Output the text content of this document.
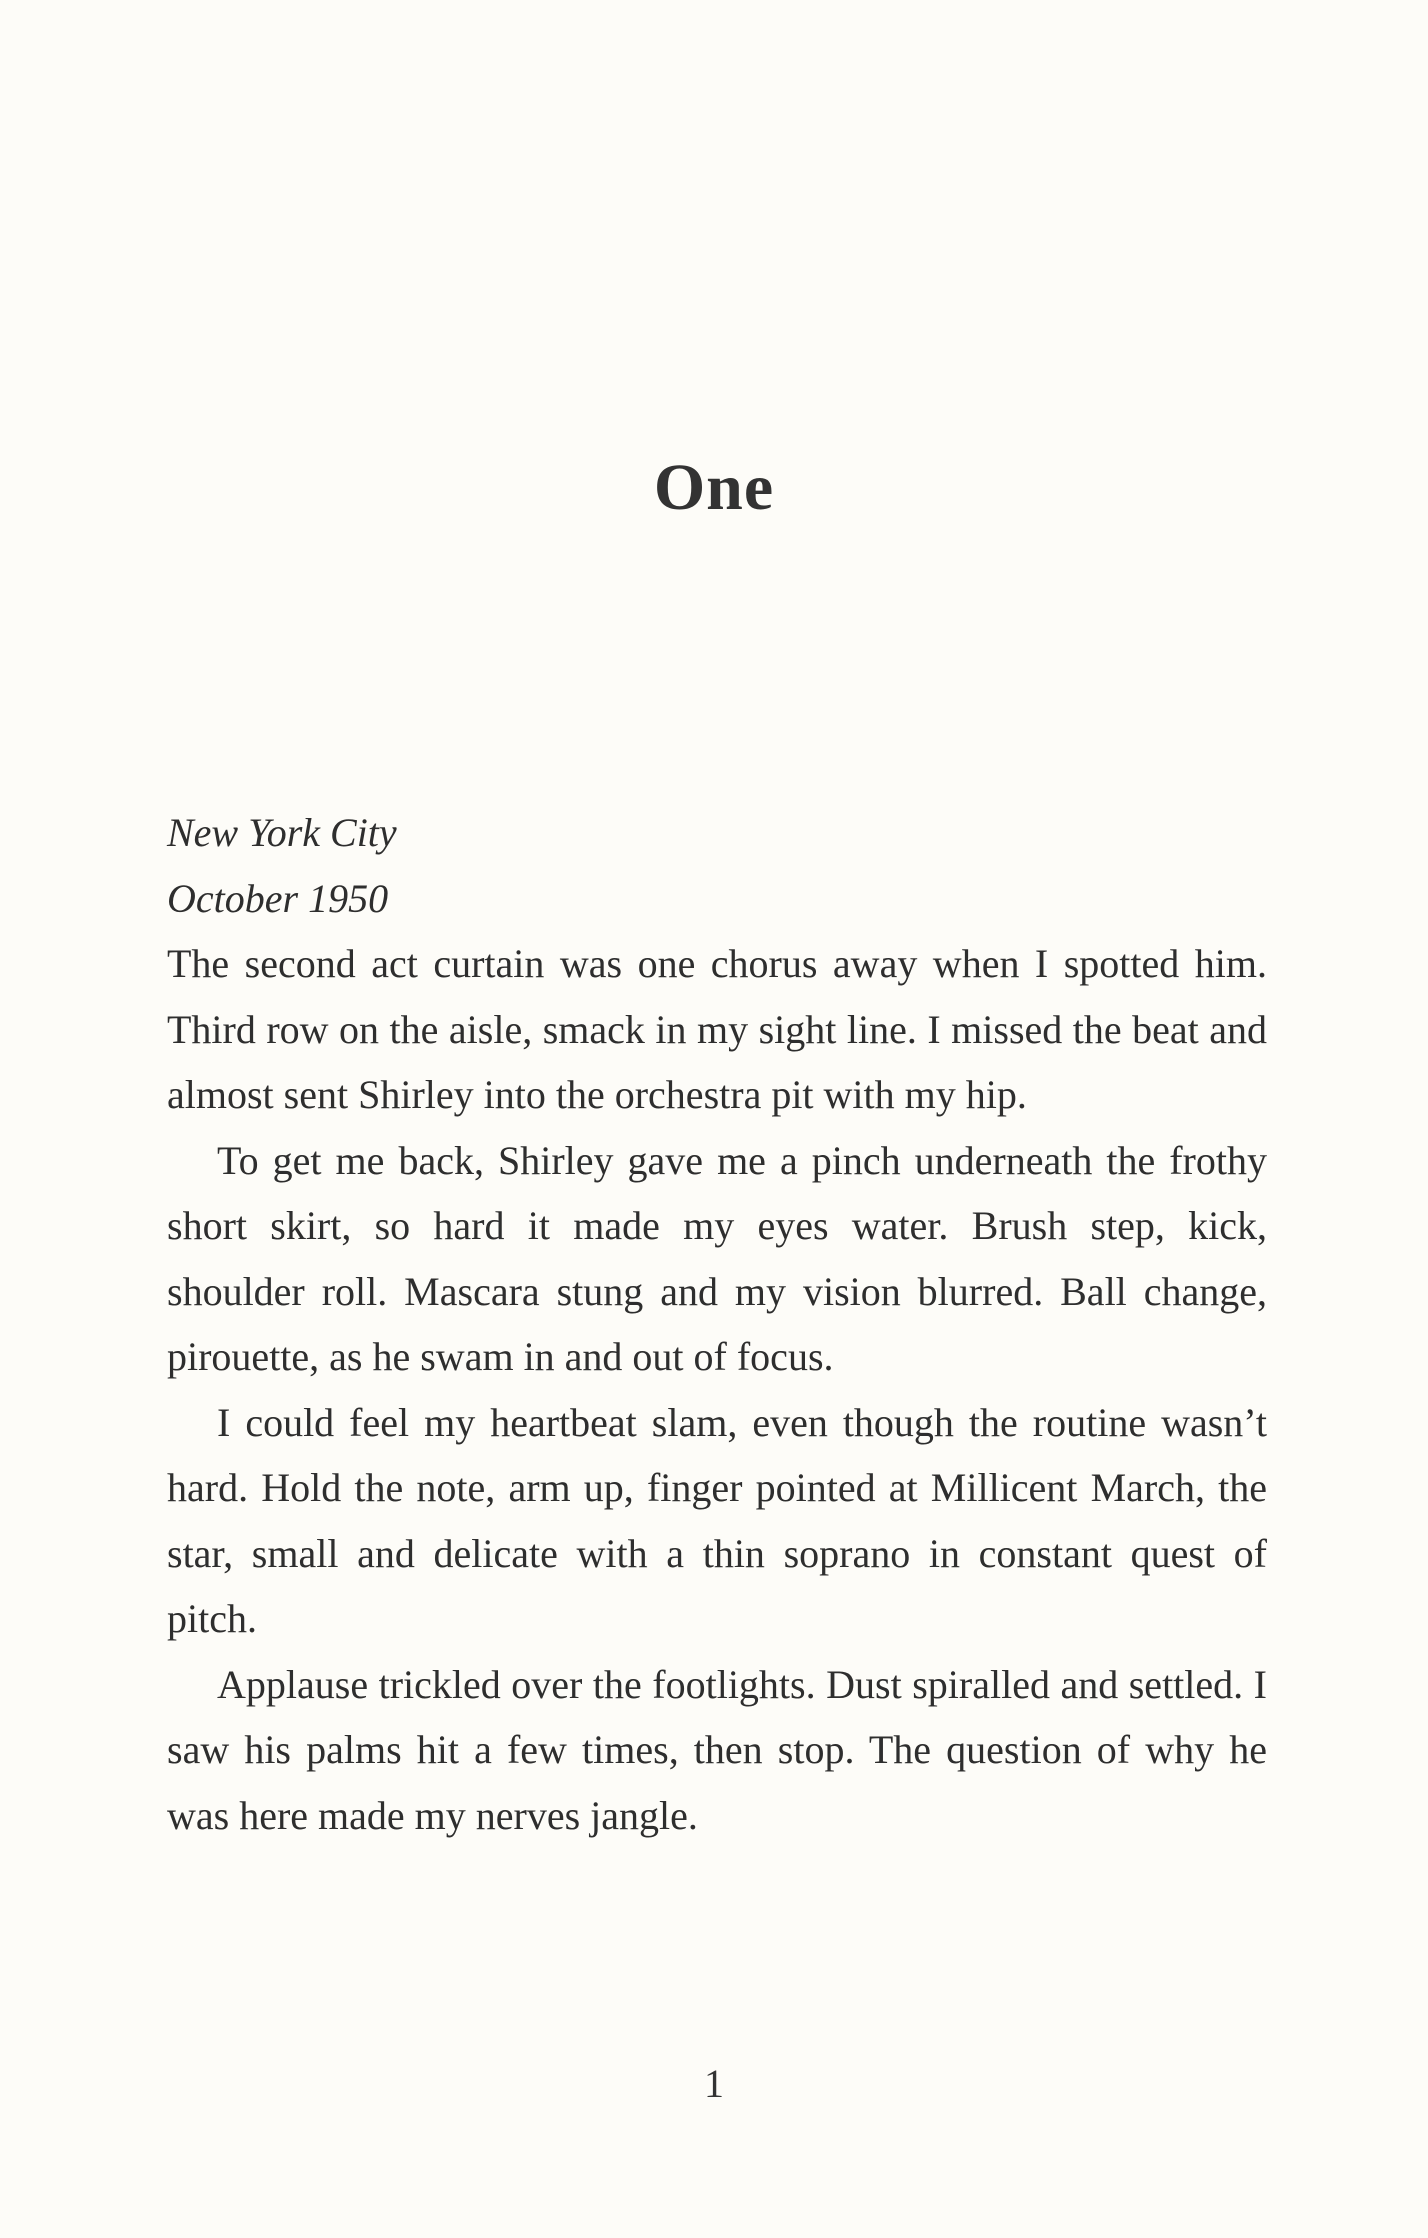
One

New York City

October 1950

The second act curtain was one chorus away when I spotted him. Third row on the aisle, smack in my sight line. I missed the beat and almost sent Shirley into the orchestra pit with my hip.

To get me back, Shirley gave me a pinch underneath the frothy short skirt, so hard it made my eyes water. Brush step, kick, shoulder roll. Mascara stung and my vision blurred. Ball change, pirouette, as he swam in and out of focus.

I could feel my heartbeat slam, even though the routine wasn’t hard. Hold the note, arm up, finger pointed at Millicent March, the star, small and delicate with a thin soprano in constant quest of pitch.

Applause trickled over the footlights. Dust spiralled and settled. I saw his palms hit a few times, then stop. The question of why he was here made my nerves jangle.

1
